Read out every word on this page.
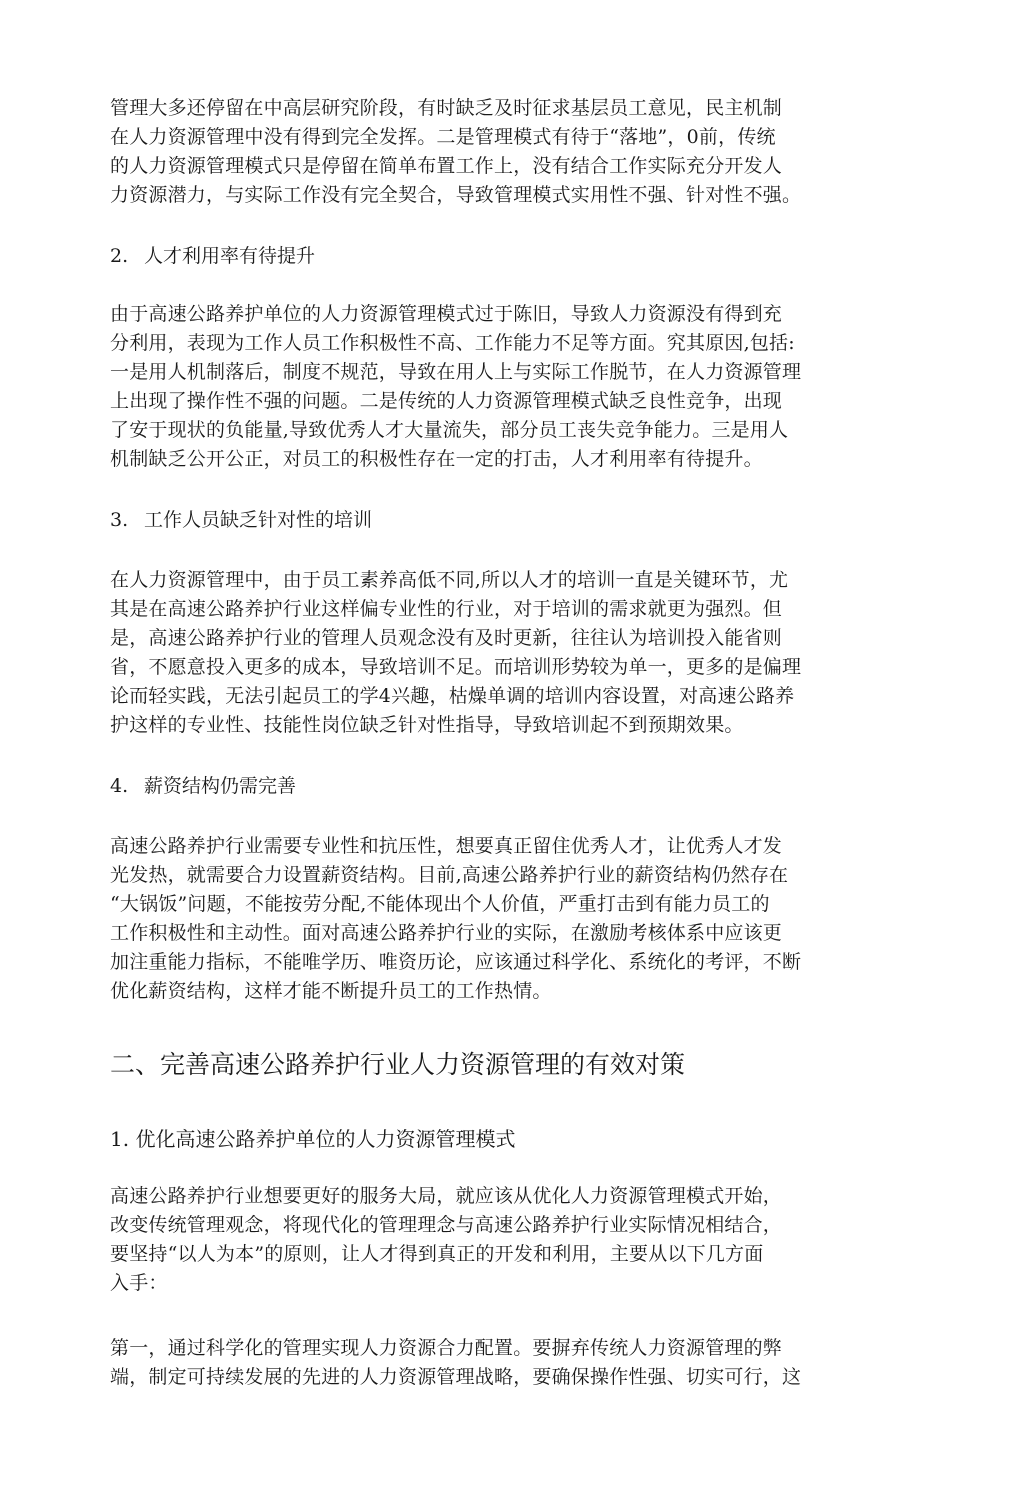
管理大多还停留在中高层研究阶段，有时缺乏及时征求基层员工意见，民主机制
在人力资源管理中没有得到完全发挥。二是管理模式有待于“落地”，0前，传统
的人力资源管理模式只是停留在简单布置工作上，没有结合工作实际充分开发人
力资源潜力，与实际工作没有完全契合，导致管理模式实用性不强、针对性不强。

2. 人才利用率有待提升

由于高速公路养护单位的人力资源管理模式过于陈旧，导致人力资源没有得到充
分利用，表现为工作人员工作积极性不高、工作能力不足等方面。究其原因,包括:
一是用人机制落后，制度不规范，导致在用人上与实际工作脱节，在人力资源管理
上出现了操作性不强的问题。二是传统的人力资源管理模式缺乏良性竞争，出现
了安于现状的负能量,导致优秀人才大量流失，部分员工丧失竞争能力。三是用人
机制缺乏公开公正，对员工的积极性存在一定的打击，人才利用率有待提升。

3. 工作人员缺乏针对性的培训

在人力资源管理中，由于员工素养高低不同,所以人才的培训一直是关键环节，尤
其是在高速公路养护行业这样偏专业性的行业，对于培训的需求就更为强烈。但
是，高速公路养护行业的管理人员观念没有及时更新，往往认为培训投入能省则
省，不愿意投入更多的成本，导致培训不足。而培训形势较为单一，更多的是偏理
论而轻实践，无法引起员工的学4兴趣，枯燥单调的培训内容设置，对高速公路养
护这样的专业性、技能性岗位缺乏针对性指导，导致培训起不到预期效果。

4. 薪资结构仍需完善

高速公路养护行业需要专业性和抗压性，想要真正留住优秀人才，让优秀人才发
光发热，就需要合力设置薪资结构。目前,高速公路养护行业的薪资结构仍然存在
“大锅饭”问题，不能按劳分配,不能体现出个人价值，严重打击到有能力员工的
工作积极性和主动性。面对高速公路养护行业的实际，在激励考核体系中应该更
加注重能力指标，不能唯学历、唯资历论，应该通过科学化、系统化的考评，不断
优化薪资结构，这样才能不断提升员工的工作热情。

二、完善高速公路养护行业人力资源管理的有效对策
1. 优化高速公路养护单位的人力资源管理模式

高速公路养护行业想要更好的服务大局，就应该从优化人力资源管理模式开始，
改变传统管理观念，将现代化的管理理念与高速公路养护行业实际情况相结合，
要坚持“以人为本”的原则，让人才得到真正的开发和利用，主要从以下几方面
入手：

第一，通过科学化的管理实现人力资源合力配置。要摒弃传统人力资源管理的弊
端，制定可持续发展的先进的人力资源管理战略，要确保操作性强、切实可行，这
